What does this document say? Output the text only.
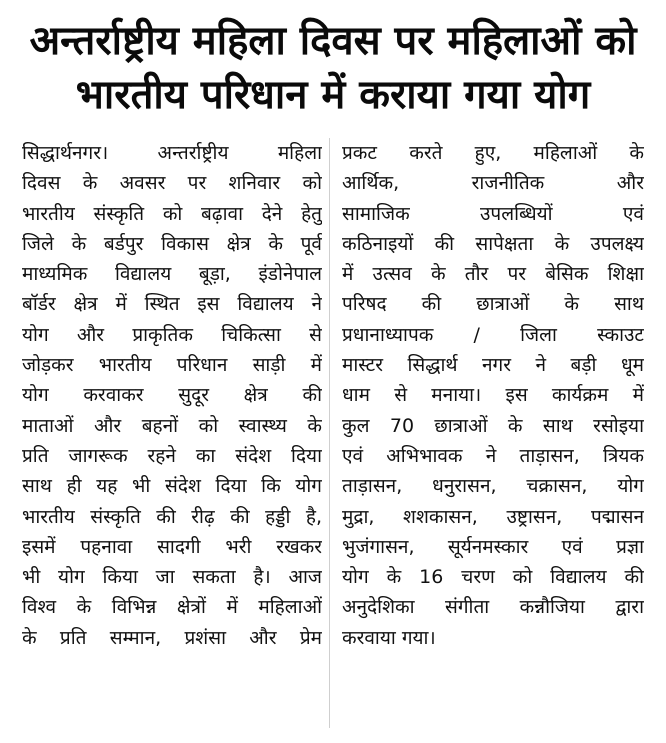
अन्तर्राष्ट्रीय महिला दिवस पर महिलाओं को
भारतीय परिधान में कराया गया योग
सिद्धार्थनगर। अन्तर्राष्ट्रीय महिला
दिवस के अवसर पर शनिवार को
भारतीय संस्कृति को बढ़ावा देने हेतु
जिले के बर्डपुर विकास क्षेत्र के पूर्व
माध्यमिक विद्यालय बूड़ा, इंडोनेपाल
बॉर्डर क्षेत्र में स्थित इस विद्यालय ने
योग और प्राकृतिक चिकित्सा से
जोड़कर भारतीय परिधान साड़ी में
योग करवाकर सुदूर क्षेत्र की
माताओं और बहनों को स्वास्थ्य के
प्रति जागरूक रहने का संदेश दिया
साथ ही यह भी संदेश दिया कि योग
भारतीय संस्कृति की रीढ़ की हड्डी है,
इसमें पहनावा सादगी भरी रखकर
भी योग किया जा सकता है। आज
विश्व के विभिन्न क्षेत्रों में महिलाओं
के प्रति सम्मान, प्रशंसा और प्रेम
प्रकट करते हुए, महिलाओं के
आर्थिक, राजनीतिक और
सामाजिक उपलब्धियों एवं
कठिनाइयों की सापेक्षता के उपलक्ष्य
में उत्सव के तौर पर बेसिक शिक्षा
परिषद की छात्राओं के साथ
प्रधानाध्यापक / जिला स्काउट
मास्टर सिद्धार्थ नगर ने बड़ी धूम
धाम से मनाया। इस कार्यक्रम में
कुल 70 छात्राओं के साथ रसोइया
एवं अभिभावक ने ताड़ासन, त्रियक
ताड़ासन, धनुरासन, चक्रासन, योग
मुद्रा, शशकासन, उष्ट्रासन, पद्मासन
भुजंगासन, सूर्यनमस्कार एवं प्रज्ञा
योग के 16 चरण को विद्यालय की
अनुदेशिका संगीता कन्नौजिया द्वारा
करवाया गया।
